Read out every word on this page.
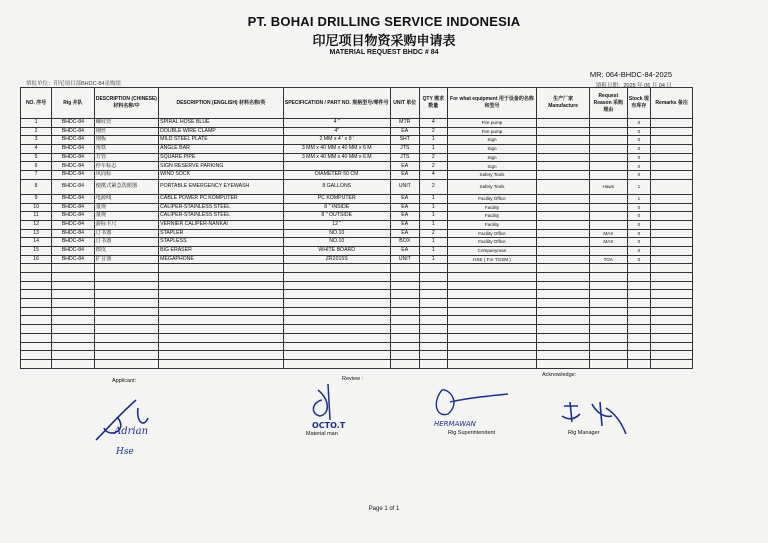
PT. BOHAI DRILLING SERVICE INDONESIA
印尼项目物资采购申请表
MATERIAL REQUEST BHDC # 84
MR: 064-BHDC-84-2025
填报单位：印尼项目部BHDC-84采购组	填报日期：2025 年 06 月 04 日
NO. 序号	Rig 井队	DESCRIPTION (CHINESE) 材料名称/中	DESCRIPTION (ENGLISH) 材料名称/英	SPECIFICATION / PART NO. 规格型号/零件号	UNIT 单位	QTY 需求数量	For what equipment 用于设备的名称和型号	生产厂家 Manufacture	Request Reason 采购理由	Stock 现有库存	Remarks 备注
1	BHDC-84	螺纹管	SPIRAL HOSE BLUE	4 "	MTR	4	Fire pump			0	
2	BHDC-84	钢丝	DOUBLE WIRE CLAMP	4"	EA	2	Fire pump			0	
3	BHDC-84	钢板	MILD STEEL PLATE	2 MM x 4 ' x 8 '	SHT	1	Sign			0	
4	BHDC-84	角铁	ANGLE BAR	3 MM x 40 MM x 40 MM x 6 M	JTS	1	Sign			0	
5	BHDC-84	方管	SQUARE PIPE	3 MM x 40 MM x 40 MM x 6 M	JTS	2	Sign			0	
6	BHDC-84	停车标志	SIGN RESERVE PARKING		EA	2	Sign			0	
7	BHDC-84	风向标	WIND SOCK	DIAMETER 50 CM	EA	4	Safety Tools			0	
8	BHDC-84	便携式紧急洗眼器	PORTABLE EMERGENCY EYEWASH	8 GALLONS	UNIT	2	Safety Tools		Haws	1	
9	BHDC-84	电源线	CABLE POWER PC KOMPUTER	PC KOMPUTER	EA	1	Facility Office			1	
10	BHDC-84	量规	CALIPER-STAINLESS STEEL	8 " INSIDE	EA	1	Facility			0	
11	BHDC-84	量规	CALIPER-STAINLESS STEEL	8 " OUTSIDE	EA	1	Facility			0	
12	BHDC-84	游标卡尺	VERNIER CALIPER-NANKAI	12 "	EA	1	Facility			0	
13	BHDC-84	订书器	STAPLER	NO.10	EA	2	Facility Office		MAX	0	
14	BHDC-84	订书器	STAPLESS	NO.10	BOX	1	Facility Office		MAX	0	
15	BHDC-84	擦皮	BIG ERASER	WHITE BOARD	EA	1	Companyman			0	
16	BHDC-84	扩音器	MEGAPHONE	ZR2015S	UNIT	1	HSE ( For TGSM )		TOA	0	

Applicant:
Adrian
Hse
Review :
OCTO.T
Material man
Acknowledge:
HERMAWAN
Rig Superintendent	Rig Manager
Page 1 of 1
